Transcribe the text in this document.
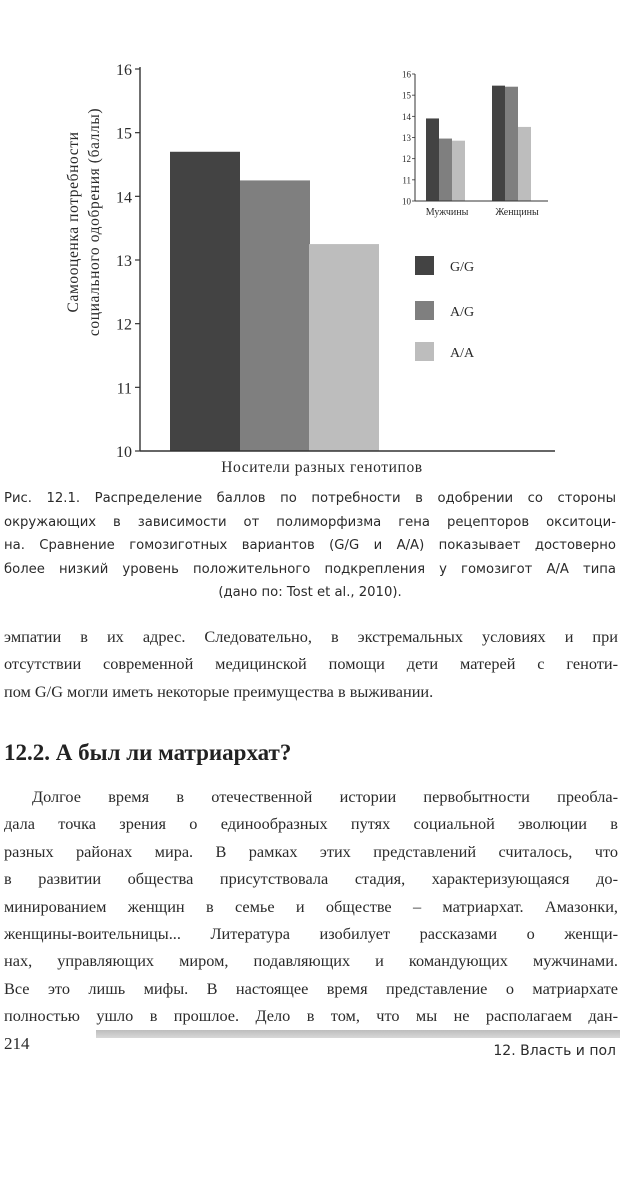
10
11
12
13
14
15
16
Самооценка потребности социального одобрения (баллы)
Носители разных генотипов
10
11
12
13
14
15
16
Мужчины	Женщины
G/G
A/G
A/A
Рис. 12.1. Распределение баллов по потребности в одобрении со стороны
окружающих в зависимости от полиморфизма гена рецепторов окситоци-
на. Сравнение гомозиготных вариантов (G/G и A/A) показывает достоверно
более низкий уровень положительного подкрепления у гомозигот A/A типа
(дано по: Tost et al., 2010).
эмпатии в их адрес. Следовательно, в экстремальных условиях и при
отсутствии современной медицинской помощи дети матерей с геноти-
пом G/G могли иметь некоторые преимущества в выживании.
12.2. А был ли матриархат?
Долгое время в отечественной истории первобытности преобла-
дала точка зрения о единообразных путях социальной эволюции в
разных районах мира. В рамках этих представлений считалось, что
в развитии общества присутствовала стадия, характеризующаяся до-
минированием женщин в семье и обществе – матриархат. Амазонки,
женщины-воительницы... Литература изобилует рассказами о женщи-
нах, управляющих миром, подавляющих и командующих мужчинами.
Все это лишь мифы. В настоящее время представление о матриархате
полностью ушло в прошлое. Дело в том, что мы не располагаем дан-
214	12. Власть и пол
